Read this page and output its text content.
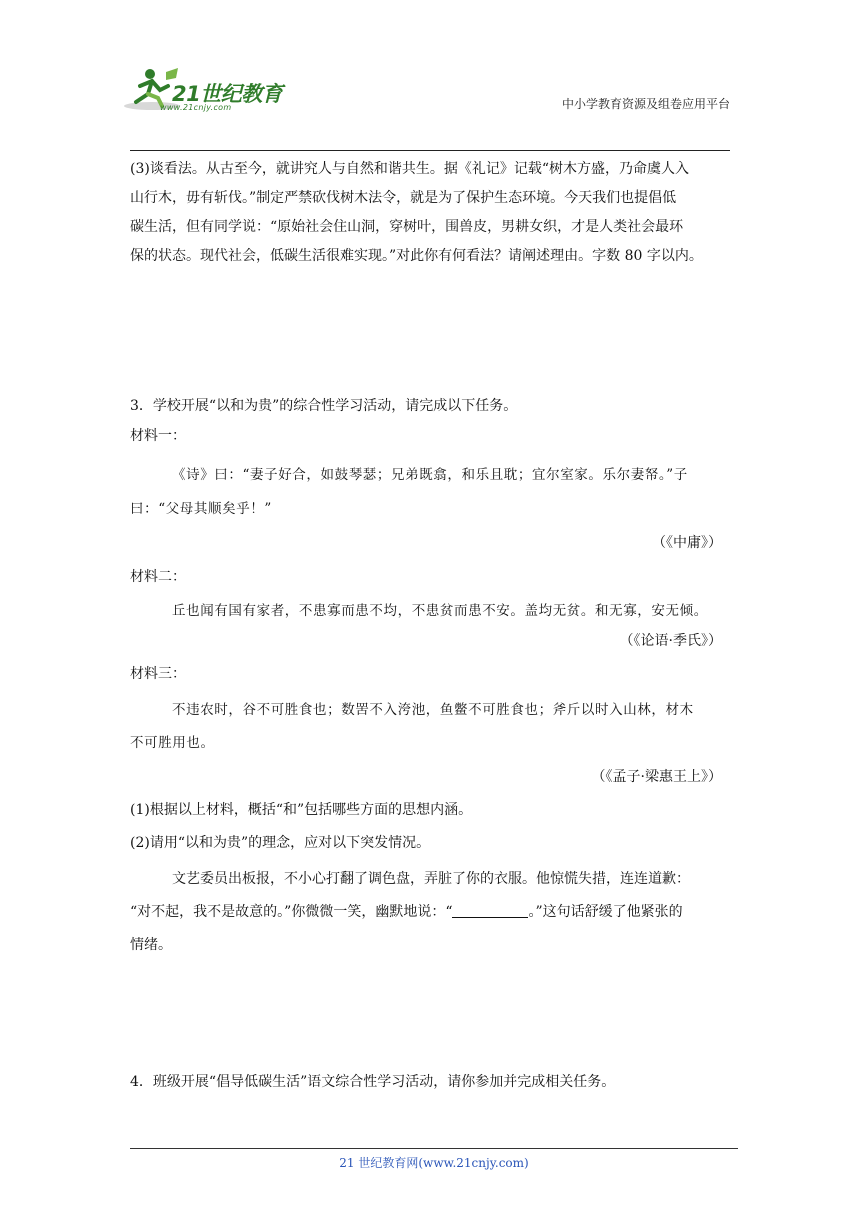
21世纪教育
www.21cnjy.com	中小学教育资源及组卷应用平台
(3)谈看法。从古至今，就讲究人与自然和谐共生。据《礼记》记载“树木方盛，乃命虞人入
山行木，毋有斩伐。”制定严禁砍伐树木法令，就是为了保护生态环境。今天我们也提倡低
碳生活，但有同学说：“原始社会住山洞，穿树叶，围兽皮，男耕女织，才是人类社会最环
保的状态。现代社会，低碳生活很难实现。”对此你有何看法？请阐述理由。字数 80 字以内。
3．学校开展“以和为贵”的综合性学习活动，请完成以下任务。
材料一：
《诗》曰：“妻子好合，如鼓琴瑟；兄弟既翕，和乐且耽；宜尔室家。乐尔妻帑。”子
曰：“父母其顺矣乎！”
（《中庸》）
材料二：
丘也闻有国有家者，不患寡而患不均，不患贫而患不安。盖均无贫。和无寡，安无倾。
（《论语·季氏》）
材料三：
不违农时，谷不可胜食也；数罟不入洿池，鱼鳖不可胜食也；斧斤以时入山林，材木
不可胜用也。
（《孟子·梁惠王上》）
(1)根据以上材料，概括“和”包括哪些方面的思想内涵。
(2)请用“以和为贵”的理念，应对以下突发情况。
文艺委员出板报，不小心打翻了调色盘，弄脏了你的衣服。他惊慌失措，连连道歉：
“对不起，我不是故意的。”你微微一笑，幽默地说：“	。”这句话舒缓了他紧张的
情绪。
4．班级开展“倡导低碳生活”语文综合性学习活动，请你参加并完成相关任务。
21 世纪教育网(www.21cnjy.com)
